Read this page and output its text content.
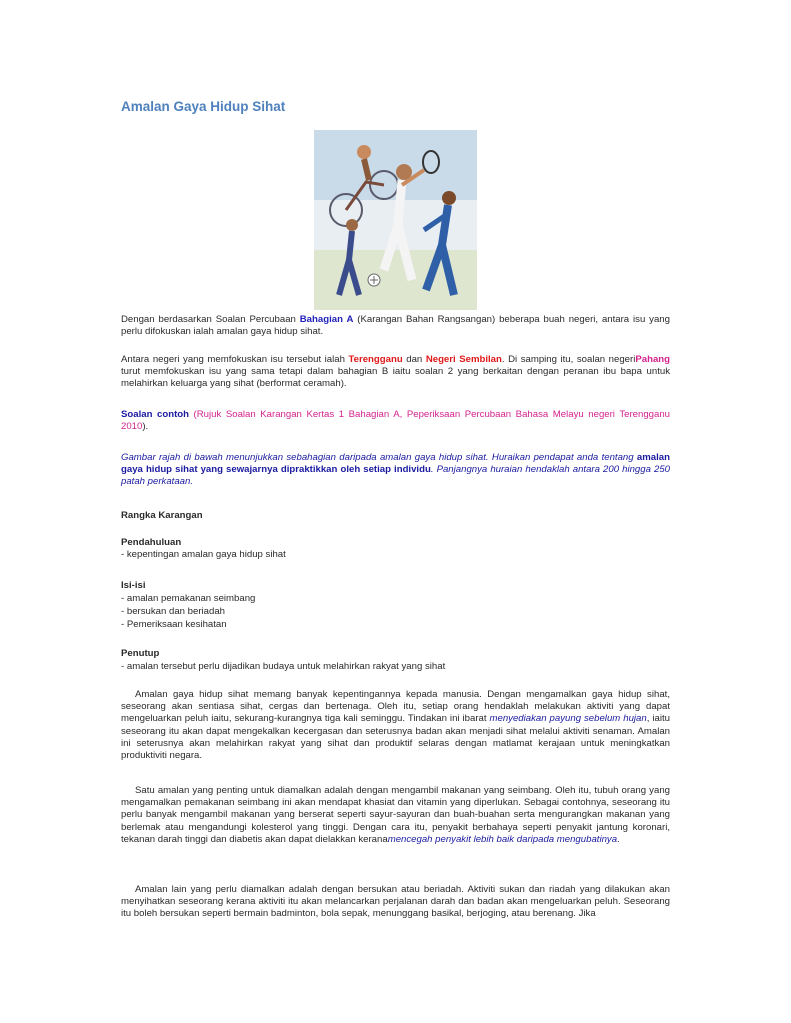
Amalan Gaya Hidup Sihat
Dengan berdasarkan Soalan Percubaan Bahagian A (Karangan Bahan Rangsangan) beberapa buah negeri, antara isu yang perlu difokuskan ialah amalan gaya hidup sihat.
Antara negeri yang memfokuskan isu tersebut ialah Terengganu dan Negeri Sembilan. Di samping itu, soalan negeriPahang turut memfokuskan isu yang sama tetapi dalam bahagian B iaitu soalan 2 yang berkaitan dengan peranan ibu bapa untuk melahirkan keluarga yang sihat (berformat ceramah).
Soalan contoh (Rujuk Soalan Karangan Kertas 1 Bahagian A, Peperiksaan Percubaan Bahasa Melayu negeri Terengganu 2010).
Gambar rajah di bawah menunjukkan sebahagian daripada amalan gaya hidup sihat. Huraikan pendapat anda tentang amalan gaya hidup sihat yang sewajarnya dipraktikkan oleh setiap individu. Panjangnya huraian hendaklah antara 200 hingga 250 patah perkataan.
Rangka Karangan
Pendahuluan
- kepentingan amalan gaya hidup sihat
Isi-isi
- amalan pemakanan seimbang
- bersukan dan beriadah
- Pemeriksaan kesihatan
Penutup
- amalan tersebut perlu dijadikan budaya untuk melahirkan rakyat yang sihat
Amalan gaya hidup sihat memang banyak kepentingannya kepada manusia. Dengan mengamalkan gaya hidup sihat, seseorang akan sentiasa sihat, cergas dan bertenaga. Oleh itu, setiap orang hendaklah melakukan aktiviti yang dapat mengeluarkan peluh iaitu, sekurang-kurangnya tiga kali seminggu. Tindakan ini ibarat menyediakan payung sebelum hujan, iaitu seseorang itu akan dapat mengekalkan kecergasan dan seterusnya badan akan menjadi sihat melalui aktiviti senaman. Amalan ini seterusnya akan melahirkan rakyat yang sihat dan produktif selaras dengan matlamat kerajaan untuk meningkatkan produktiviti negara.
Satu amalan yang penting untuk diamalkan adalah dengan mengambil makanan yang seimbang. Oleh itu, tubuh orang yang mengamalkan pemakanan seimbang ini akan mendapat khasiat dan vitamin yang diperlukan. Sebagai contohnya, seseorang itu perlu banyak mengambil makanan yang berserat seperti sayur-sayuran dan buah-buahan serta mengurangkan makanan yang berlemak atau mengandungi kolesterol yang tinggi. Dengan cara itu, penyakit berbahaya seperti penyakit jantung koronari, tekanan darah tinggi dan diabetis akan dapat dielakkan keranamencegah penyakit lebih baik daripada mengubatinya.
Amalan lain yang perlu diamalkan adalah dengan bersukan atau beriadah. Aktiviti sukan dan riadah yang dilakukan akan menyihatkan seseorang kerana aktiviti itu akan melancarkan perjalanan darah dan badan akan mengeluarkan peluh. Seseorang itu boleh bersukan seperti bermain badminton, bola sepak, menunggang basikal, berjoging, atau berenang. Jika
